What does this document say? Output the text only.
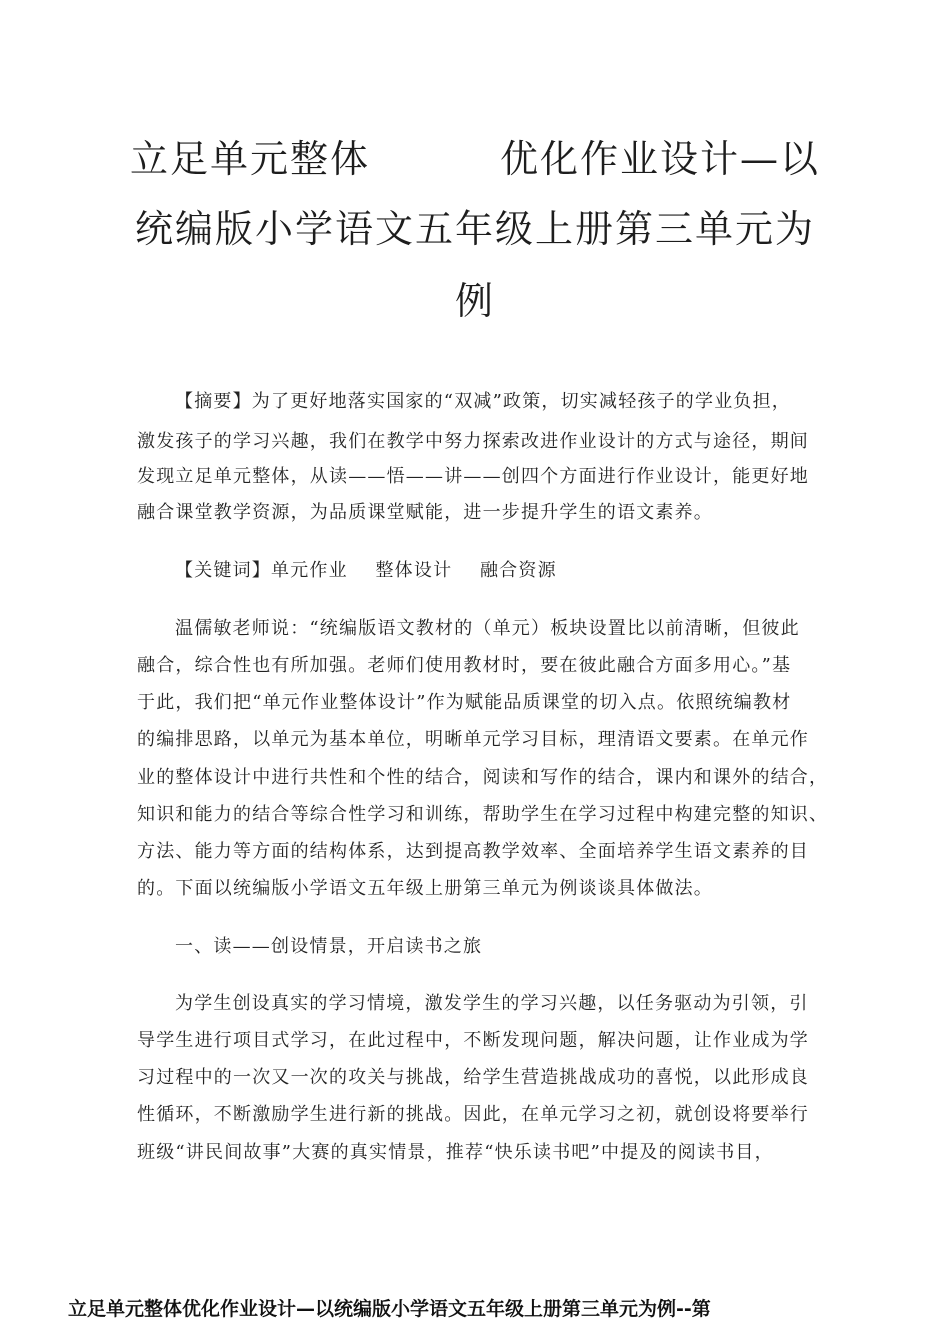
立足单元整体	优化作业设计—以
统编版小学语文五年级上册第三单元为
例
【摘要】为了更好地落实国家的“双减”政策，切实减轻孩子的学业负担，
激发孩子的学习兴趣，我们在教学中努力探索改进作业设计的方式与途径，期间
发现立足单元整体，从读——悟——讲——创四个方面进行作业设计，能更好地
融合课堂教学资源，为品质课堂赋能，进一步提升学生的语文素养。
【关键词】单元作业    整体设计    融合资源
温儒敏老师说：“统编版语文教材的（单元）板块设置比以前清晰，但彼此
融合，综合性也有所加强。老师们使用教材时，要在彼此融合方面多用心。”基
于此，我们把“单元作业整体设计”作为赋能品质课堂的切入点。依照统编教材
的编排思路，以单元为基本单位，明晰单元学习目标，理清语文要素。在单元作
业的整体设计中进行共性和个性的结合，阅读和写作的结合，课内和课外的结合，
知识和能力的结合等综合性学习和训练，帮助学生在学习过程中构建完整的知识、
方法、能力等方面的结构体系，达到提高教学效率、全面培养学生语文素养的目
的。下面以统编版小学语文五年级上册第三单元为例谈谈具体做法。
一、读——创设情景，开启读书之旅
为学生创设真实的学习情境，激发学生的学习兴趣，以任务驱动为引领，引
导学生进行项目式学习，在此过程中，不断发现问题，解决问题，让作业成为学
习过程中的一次又一次的攻关与挑战，给学生营造挑战成功的喜悦，以此形成良
性循环，不断激励学生进行新的挑战。因此，在单元学习之初，就创设将要举行
班级“讲民间故事”大赛的真实情景，推荐“快乐读书吧”中提及的阅读书目，
立足单元整体优化作业设计—以统编版小学语文五年级上册第三单元为例--第
